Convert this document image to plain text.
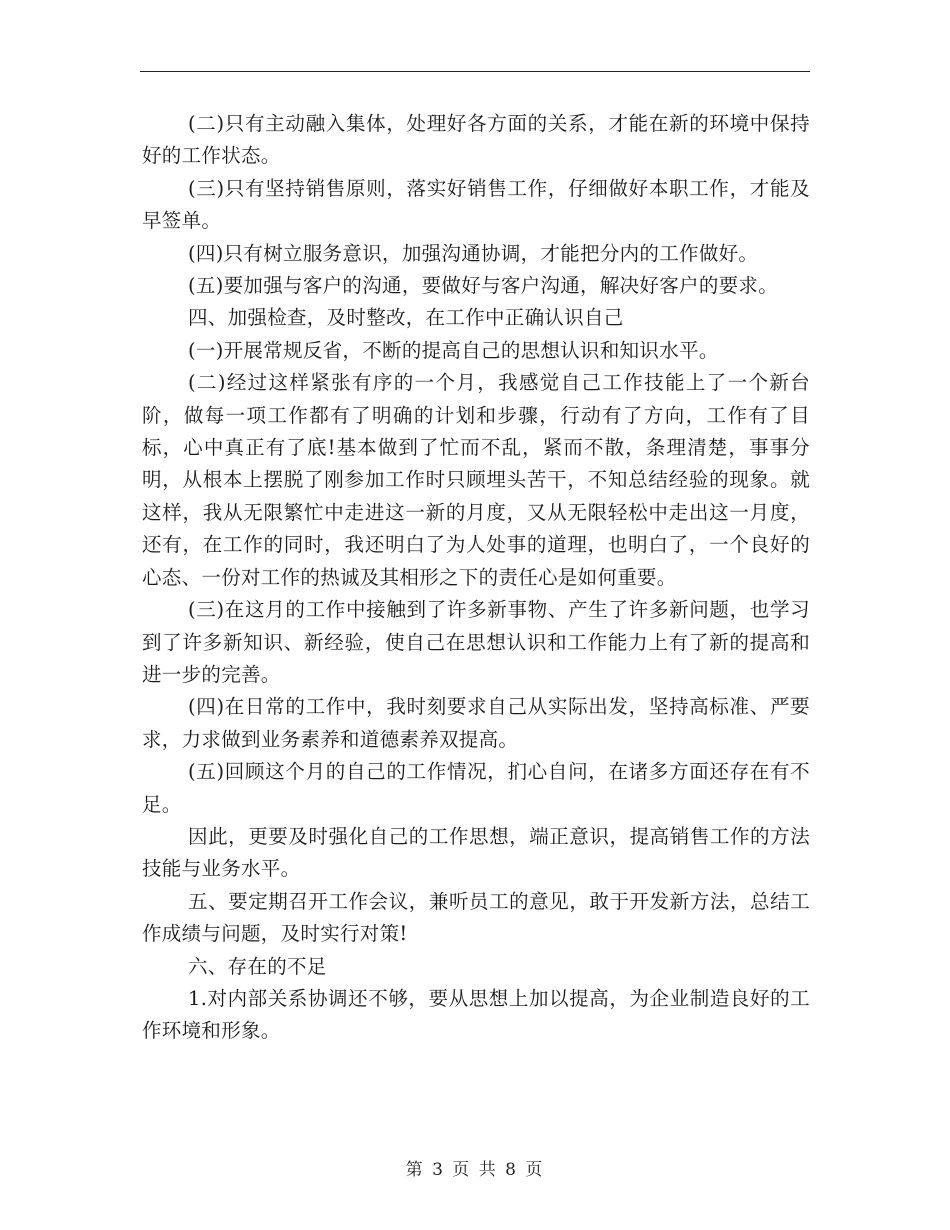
(二)只有主动融入集体，处理好各方面的关系，才能在新的环境中保持好的工作状态。

(三)只有坚持销售原则，落实好销售工作，仔细做好本职工作，才能及早签单。

(四)只有树立服务意识，加强沟通协调，才能把分内的工作做好。

(五)要加强与客户的沟通，要做好与客户沟通，解决好客户的要求。

四、加强检查，及时整改，在工作中正确认识自己

(一)开展常规反省，不断的提高自己的思想认识和知识水平。

(二)经过这样紧张有序的一个月，我感觉自己工作技能上了一个新台阶，做每一项工作都有了明确的计划和步骤，行动有了方向，工作有了目标，心中真正有了底!基本做到了忙而不乱，紧而不散，条理清楚，事事分明，从根本上摆脱了刚参加工作时只顾埋头苦干，不知总结经验的现象。就这样，我从无限繁忙中走进这一新的月度，又从无限轻松中走出这一月度，还有，在工作的同时，我还明白了为人处事的道理，也明白了，一个良好的心态、一份对工作的热诚及其相形之下的责任心是如何重要。

(三)在这月的工作中接触到了许多新事物、产生了许多新问题，也学习到了许多新知识、新经验，使自己在思想认识和工作能力上有了新的提高和进一步的完善。

(四)在日常的工作中，我时刻要求自己从实际出发，坚持高标准、严要求，力求做到业务素养和道德素养双提高。

(五)回顾这个月的自己的工作情况，扪心自问，在诸多方面还存在有不足。

因此，更要及时强化自己的工作思想，端正意识，提高销售工作的方法技能与业务水平。

五、要定期召开工作会议，兼听员工的意见，敢于开发新方法，总结工作成绩与问题，及时实行对策!

六、存在的不足

1.对内部关系协调还不够，要从思想上加以提高，为企业制造良好的工作环境和形象。

第 3 页 共 8 页
